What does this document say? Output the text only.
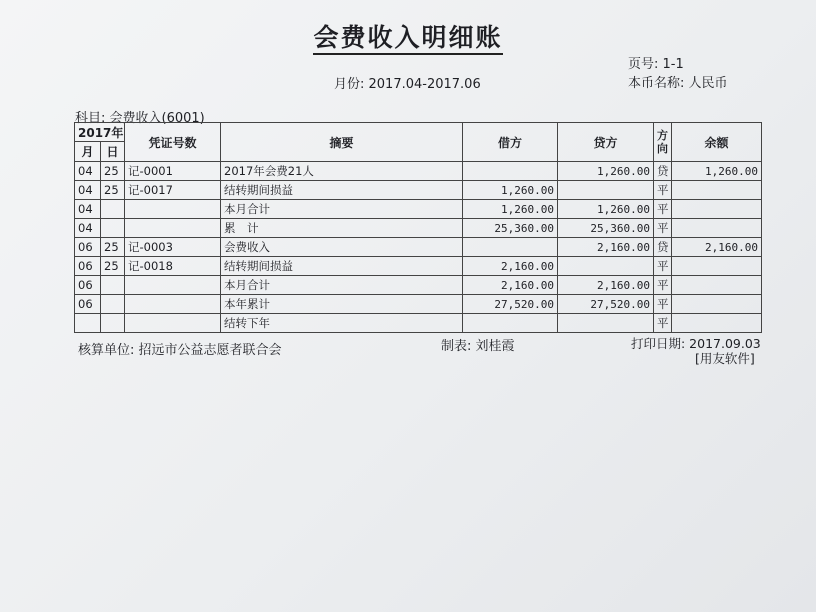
会费收入明细账
月份: 2017.04-2017.06
页号: 1-1
本币名称: 人民币
科目: 会费收入(6001)
2017年		凭证号数	摘要	借方	贷方	方向	余额
月	日						
04	25	记-0001	2017年会费21人		1,260.00	贷	1,260.00
04	25	记-0017	结转期间损益	1,260.00		平	
04			本月合计	1,260.00	1,260.00	平	
04			累　计	25,360.00	25,360.00	平	
06	25	记-0003	会费收入		2,160.00	贷	2,160.00
06	25	记-0018	结转期间损益	2,160.00		平	
06			本月合计	2,160.00	2,160.00	平	
06			本年累计	27,520.00	27,520.00	平	
			结转下年			平	
核算单位: 招远市公益志愿者联合会	制表: 刘桂霞	打印日期: 2017.09.03
[用友软件]
